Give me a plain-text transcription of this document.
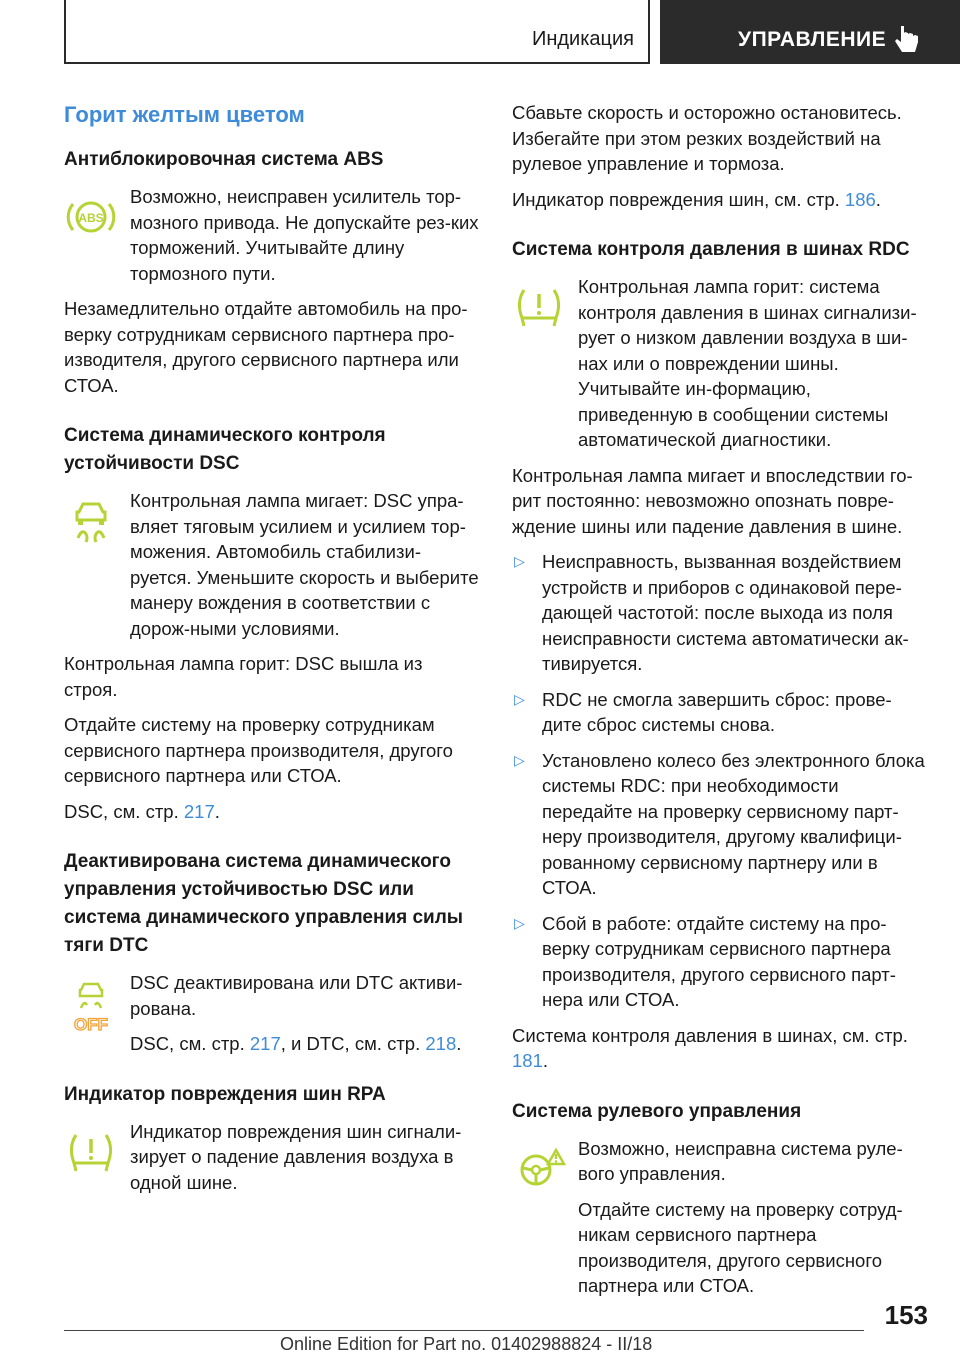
Индикация	УПРАВЛЕНИЕ
Горит желтым цветом
Антиблокировочная система ABS
ABS

Возможно, неисправен усилитель тор-мозного привода. Не допускайте рез-ких торможений. Учитывайте длину тормозного пути.

Незамедлительно отдайте автомобиль на про-верку сотрудникам сервисного партнера про-изводителя, другого сервисного партнера или СТОА.

Система динамического контроля устойчивости DSC

Контрольная лампа мигает: DSC упра-вляет тяговым усилием и усилием тор-можения. Автомобиль стабилизи-руется. Уменьшите скорость и выберите манеру вождения в соответствии с дорож-ными условиями.

Контрольная лампа горит: DSC вышла из строя.

Отдайте систему на проверку сотрудникам сервисного партнера производителя, другого сервисного партнера или СТОА.

DSC, см. стр. 217.

Деактивирована система динамического управления устойчивостью DSC или система динамического управления силы тяги DTC
OFF

DSC деактивирована или DTC активи-рована.

DSC, см. стр. 217, и DTC, см. стр. 218.

Индикатор повреждения шин RPA

Индикатор повреждения шин сигнали-зирует о падение давления воздуха в одной шине.

Сбавьте скорость и осторожно остановитесь. Избегайте при этом резких воздействий на рулевое управление и тормоза.

Индикатор повреждения шин, см. стр. 186.

Система контроля давления в шинах RDC

Контрольная лампа горит: система контроля давления в шинах сигнализи-рует о низком давлении воздуха в ши-нах или о повреждении шины. Учитывайте ин-формацию, приведенную в сообщении системы автоматической диагностики.

Контрольная лампа мигает и впоследствии го-рит постоянно: невозможно опознать повре-ждение шины или падение давления в шине.

▷ Неисправность, вызванная воздействием устройств и приборов с одинаковой пере-дающей частотой: после выхода из поля неисправности система автоматически ак-тивируется.
▷ RDC не смогла завершить сброс: прове-дите сброс системы снова.
▷ Установлено колесо без электронного блока системы RDC: при необходимости передайте на проверку сервисному парт-неру производителя, другому квалифици-рованному сервисному партнеру или в СТОА.
▷ Сбой в работе: отдайте систему на про-верку сотрудникам сервисного партнера производителя, другого сервисного парт-нера или СТОА.

Система контроля давления в шинах, см. стр. 181.

Система рулевого управления

Возможно, неисправна система руле-вого управления.

Отдайте систему на проверку сотруд-никам сервисного партнера производителя, другого сервисного партнера или СТОА.

153
Online Edition for Part no. 01402988824 - II/18
